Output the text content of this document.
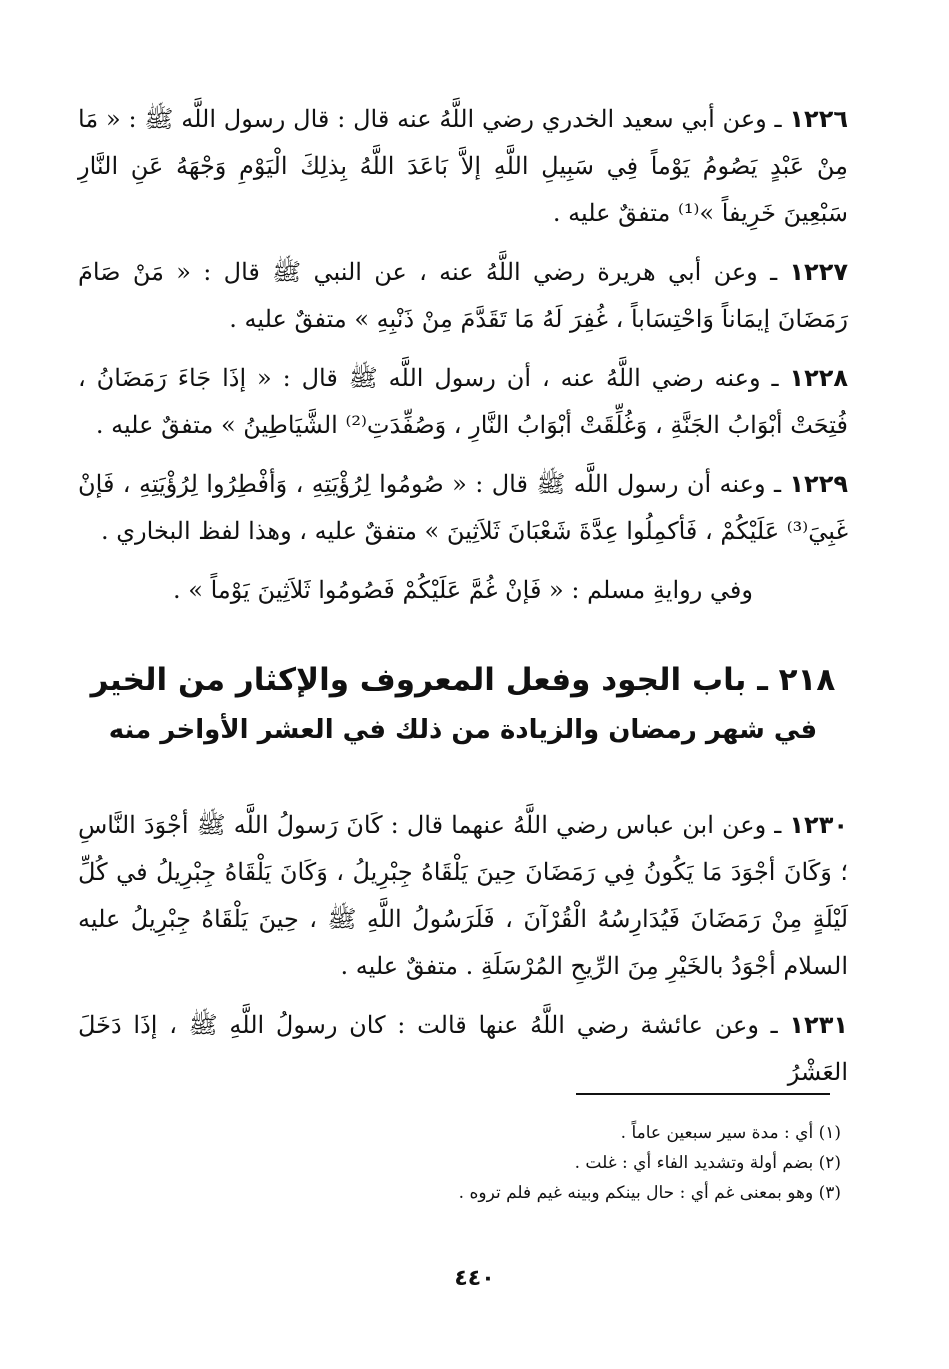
١٢٢٦ ـ وعن أبي سعيد الخدري رضي اللَّهُ عنه قال : قال رسول اللَّه ﷺ : « مَا مِنْ عَبْدٍ يَصُومُ يَوْماً فِي سَبِيلِ اللَّهِ إلاَّ بَاعَدَ اللَّهُ بِذلِكَ الْيَوْمِ وَجْهَهُ عَنِ النَّارِ سَبْعِينَ خَرِيفاً »⁽¹⁾ متفقٌ عليه .

١٢٢٧ ـ وعن أبي هريرة رضي اللَّهُ عنه ، عن النبي ﷺ قال : « مَنْ صَامَ رَمَضَانَ إيمَاناً وَاحْتِسَاباً ، غُفِرَ لَهُ مَا تَقَدَّمَ مِنْ ذَنْبِهِ » متفقٌ عليه .

١٢٢٨ ـ وعنه رضي اللَّهُ عنه ، أن رسول اللَّه ﷺ قال : « إذَا جَاءَ رَمَضَانُ ، فُتِحَتْ أبْوَابُ الجَنَّةِ ، وَغُلِّقَتْ أبْوَابُ النَّارِ ، وَصُفِّدَتِ⁽²⁾ الشَّيَاطِينُ » متفقٌ عليه .

١٢٢٩ ـ وعنه أن رسول اللَّه ﷺ قال : « صُومُوا لِرُؤْيَتِهِ ، وَأفْطِرُوا لِرُؤْيَتِهِ ، فَإنْ غَبِيَ⁽³⁾ عَلَيْكُمْ ، فَأكمِلُوا عِدَّةَ شَعْبَانَ ثَلاَثِينَ » متفقٌ عليه ، وهذا لفظ البخاري .

وفي روايةِ مسلم : « فَإنْ غُمَّ عَلَيْكُمْ فَصُومُوا ثَلاَثِينَ يَوْماً » .

٢١٨ ـ باب الجود وفعل المعروف والإكثار من الخير
في شهر رمضان والزيادة من ذلك في العشر الأواخر منه

١٢٣٠ ـ وعن ابن عباس رضي اللَّهُ عنهما قال : كَانَ رَسولُ اللَّه ﷺ أجْوَدَ النَّاسِ ؛ وَكَانَ أجْوَدَ مَا يَكُونُ فِي رَمَضَانَ حِينَ يَلْقَاهُ جِبْرِيلُ ، وَكَانَ يَلْقَاهُ جِبْرِيلُ في كُلِّ لَيْلَةٍ مِنْ رَمَضَانَ فَيُدَارِسُهُ الْقُرْآنَ ، فَلَرَسُولُ اللَّهِ ﷺ ، حِينَ يَلْقَاهُ جِبْرِيلُ عليه السلام أجْوَدُ بالخَيْرِ مِنَ الرِّيحِ المُرْسَلَةِ . متفقٌ عليه .

١٢٣١ ـ وعن عائشة رضي اللَّهُ عنها قالت : كان رسولُ اللَّهِ ﷺ ، إذَا دَخَلَ العَشْرُ

(١) أي : مدة سير سبعين عاماً .

(٢) بضم أولة وتشديد الفاء أي : غلت .

(٣) وهو بمعنى غم أي : حال بينكم وبينه غيم فلم تروه .

٤٤٠
